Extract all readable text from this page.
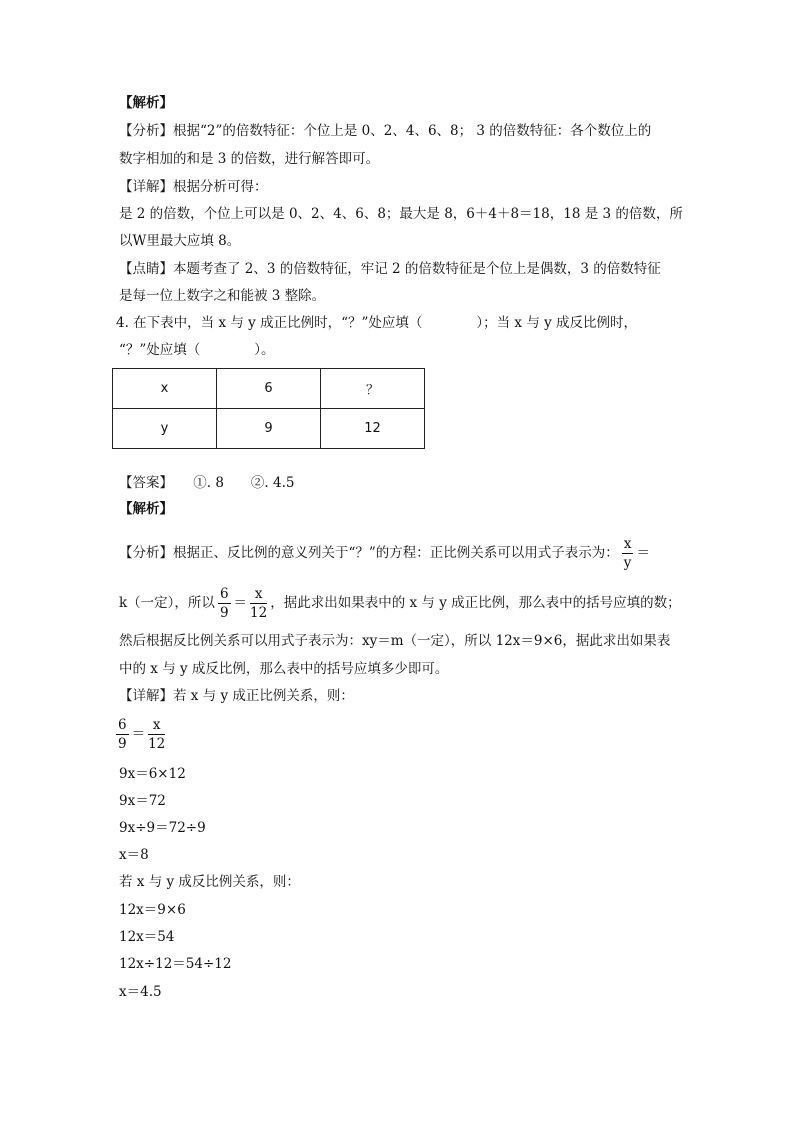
【解析】
【分析】根据“2”的倍数特征：个位上是 0、2、4、6、8； 3 的倍数特征：各个数位上的
数字相加的和是 3 的倍数，进行解答即可。
【详解】根据分析可得：
是 2 的倍数，个位上可以是 0、2、4、6、8；最大是 8，6＋4＋8＝18，18 是 3 的倍数，所
以W里最大应填 8。
【点睛】本题考查了 2、3 的倍数特征，牢记 2 的倍数特征是个位上是偶数，3 的倍数特征
是每一位上数字之和能被 3 整除。
4. 在下表中，当 x 与 y 成正比例时，“？”处应填（　　　　）；当 x 与 y 成反比例时，
“？”处应填（　　　　）。
x	6	？
y	9	12
【答案】　　①. 8　　②. 4.5
【解析】
【分析】根据正、反比例的意义列关于“？”的方程：正比例关系可以用式子表示为： $\frac{x}{y}$ ＝
k（一定），所以 $\frac{6}{9} = \frac{x}{12}$ ，据此求出如果表中的 x 与 y 成正比例，那么表中的括号应填的数；
然后根据反比例关系可以用式子表示为：xy＝m（一定），所以 12x＝9×6，据此求出如果表
中的 x 与 y 成反比例，那么表中的括号应填多少即可。
【详解】若 x 与 y 成正比例关系，则：
$\frac{6}{9} = \frac{x}{12}$
9x＝6×12
9x＝72
9x÷9＝72÷9
x＝8
若 x 与 y 成反比例关系，则：
12x＝9×6
12x＝54
12x÷12＝54÷12
x＝4.5
